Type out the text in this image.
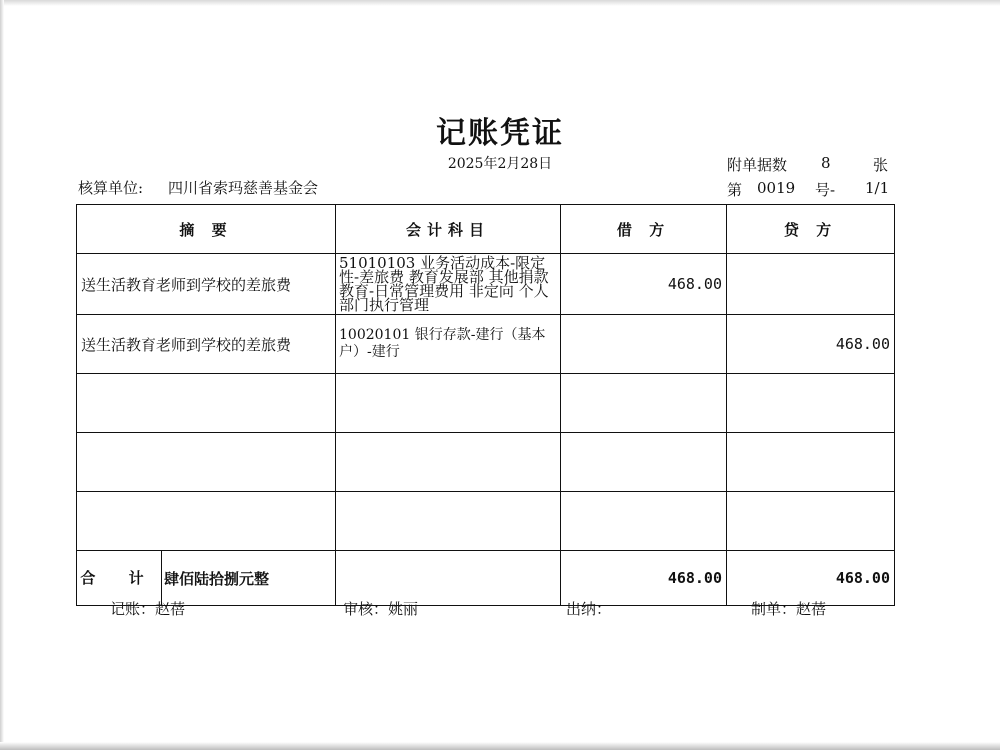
记账凭证
2025年2月28日	附单据数 8	张
核算单位: 四川省索玛慈善基金会	第 0019 号- 1/1
摘 要	会计科目	借 方	贷 方
送生活教育老师到学校的差旅费	51010103 业务活动成本-限定性-差旅费 教育发展部 其他捐款 教育-日常管理费用 非定向 个人 部门执行管理	468.00	
送生活教育老师到学校的差旅费	10020101 银行存款-建行（基本户）-建行		468.00

合 计 肆佰陆拾捌元整		468.00	468.00
记账：赵蓓	审核：姚丽	出纳：	制单：赵蓓
